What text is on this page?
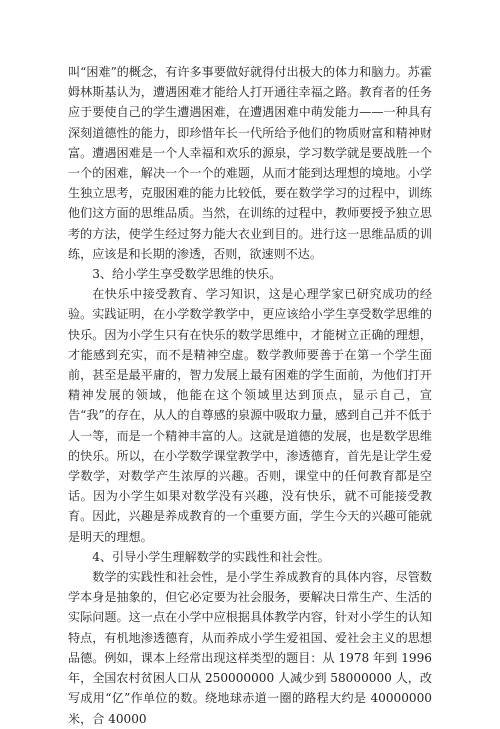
叫“困难”的概念，有许多事要做好就得付出极大的体力和脑力。苏霍姆林斯基认为，遭遇困难才能给人打开通往幸福之路。教育者的任务应于要使自己的学生遭遇困难，在遭遇困难中萌发能力——一种具有深刻道德性的能力，即珍惜年长一代所给予他们的物质财富和精神财富。遭遇困难是一个人幸福和欢乐的源泉，学习数学就是要战胜一个一个的困难，解决一个一个的难题，从而才能到达理想的境地。小学生独立思考，克服困难的能力比较低，要在数学学习的过程中，训练他们这方面的思维品质。当然，在训练的过程中，教师要授予独立思考的方法，使学生经过努力能大衣业到目的。进行这一思维品质的训练，应该是和长期的渗透，否则，欲速则不达。

3、给小学生享受数学思维的快乐。

在快乐中接受教育、学习知识，这是心理学家已研究成功的经验。实践证明，在小学数学教学中，更应该给小学生享受数学思维的快乐。因为小学生只有在快乐的数学思维中，才能树立正确的理想，才能感到充实，而不是精神空虚。数学教师要善于在第一个学生面前，甚至是最平庸的，智力发展上最有困难的学生面前，为他们打开精神发展的领域，他能在这个领域里达到顶点，显示自己，宣告“我”的存在，从人的自尊感的泉源中吸取力量，感到自己并不低于人一等，而是一个精神丰富的人。这就是道德的发展，也是数学思维的快乐。所以，在小学数学课堂教学中，渗透德育，首先是让学生爱学数学，对数学产生浓厚的兴趣。否则，课堂中的任何教育都是空话。因为小学生如果对数学没有兴趣，没有快乐，就不可能接受教育。因此，兴趣是养成教育的一个重要方面，学生今天的兴趣可能就是明天的理想。

4、引导小学生理解数学的实践性和社会性。

数学的实践性和社会性，是小学生养成教育的具体内容，尽管数学本身是抽象的，但它必定要为社会服务，要解决日常生产、生活的实际问题。这一点在小学中应根据具体教学内容，针对小学生的认知特点，有机地渗透德育，从而养成小学生爱祖国、爱社会主义的思想品德。例如，课本上经常出现这样类型的题目：从 1978 年到 1996 年，全国农村贫困人口从 250000000 人减少到 58000000 人，改写成用“亿”作单位的数。绕地球赤道一圈的路程大约是 40000000 米，合 40000
